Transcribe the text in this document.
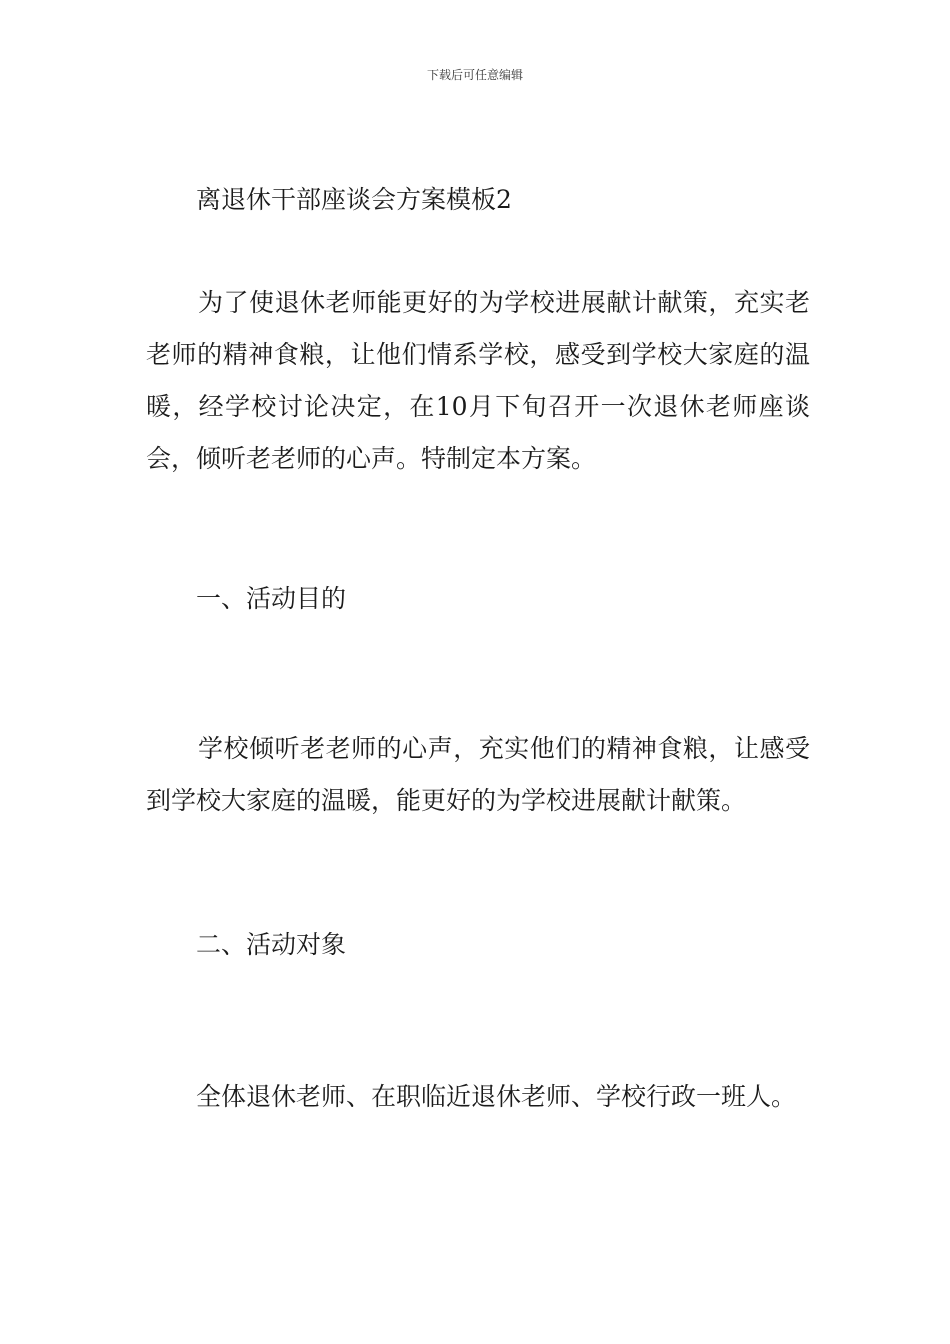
下载后可任意编辑
离退休干部座谈会方案模板2

为了使退休老师能更好的为学校进展献计献策，充实老老师的精神食粮，让他们情系学校，感受到学校大家庭的温暖，经学校讨论决定，在10月下旬召开一次退休老师座谈会，倾听老老师的心声。特制定本方案。

一、活动目的

学校倾听老老师的心声，充实他们的精神食粮，让感受到学校大家庭的温暖，能更好的为学校进展献计献策。

二、活动对象

全体退休老师、在职临近退休老师、学校行政一班人。
